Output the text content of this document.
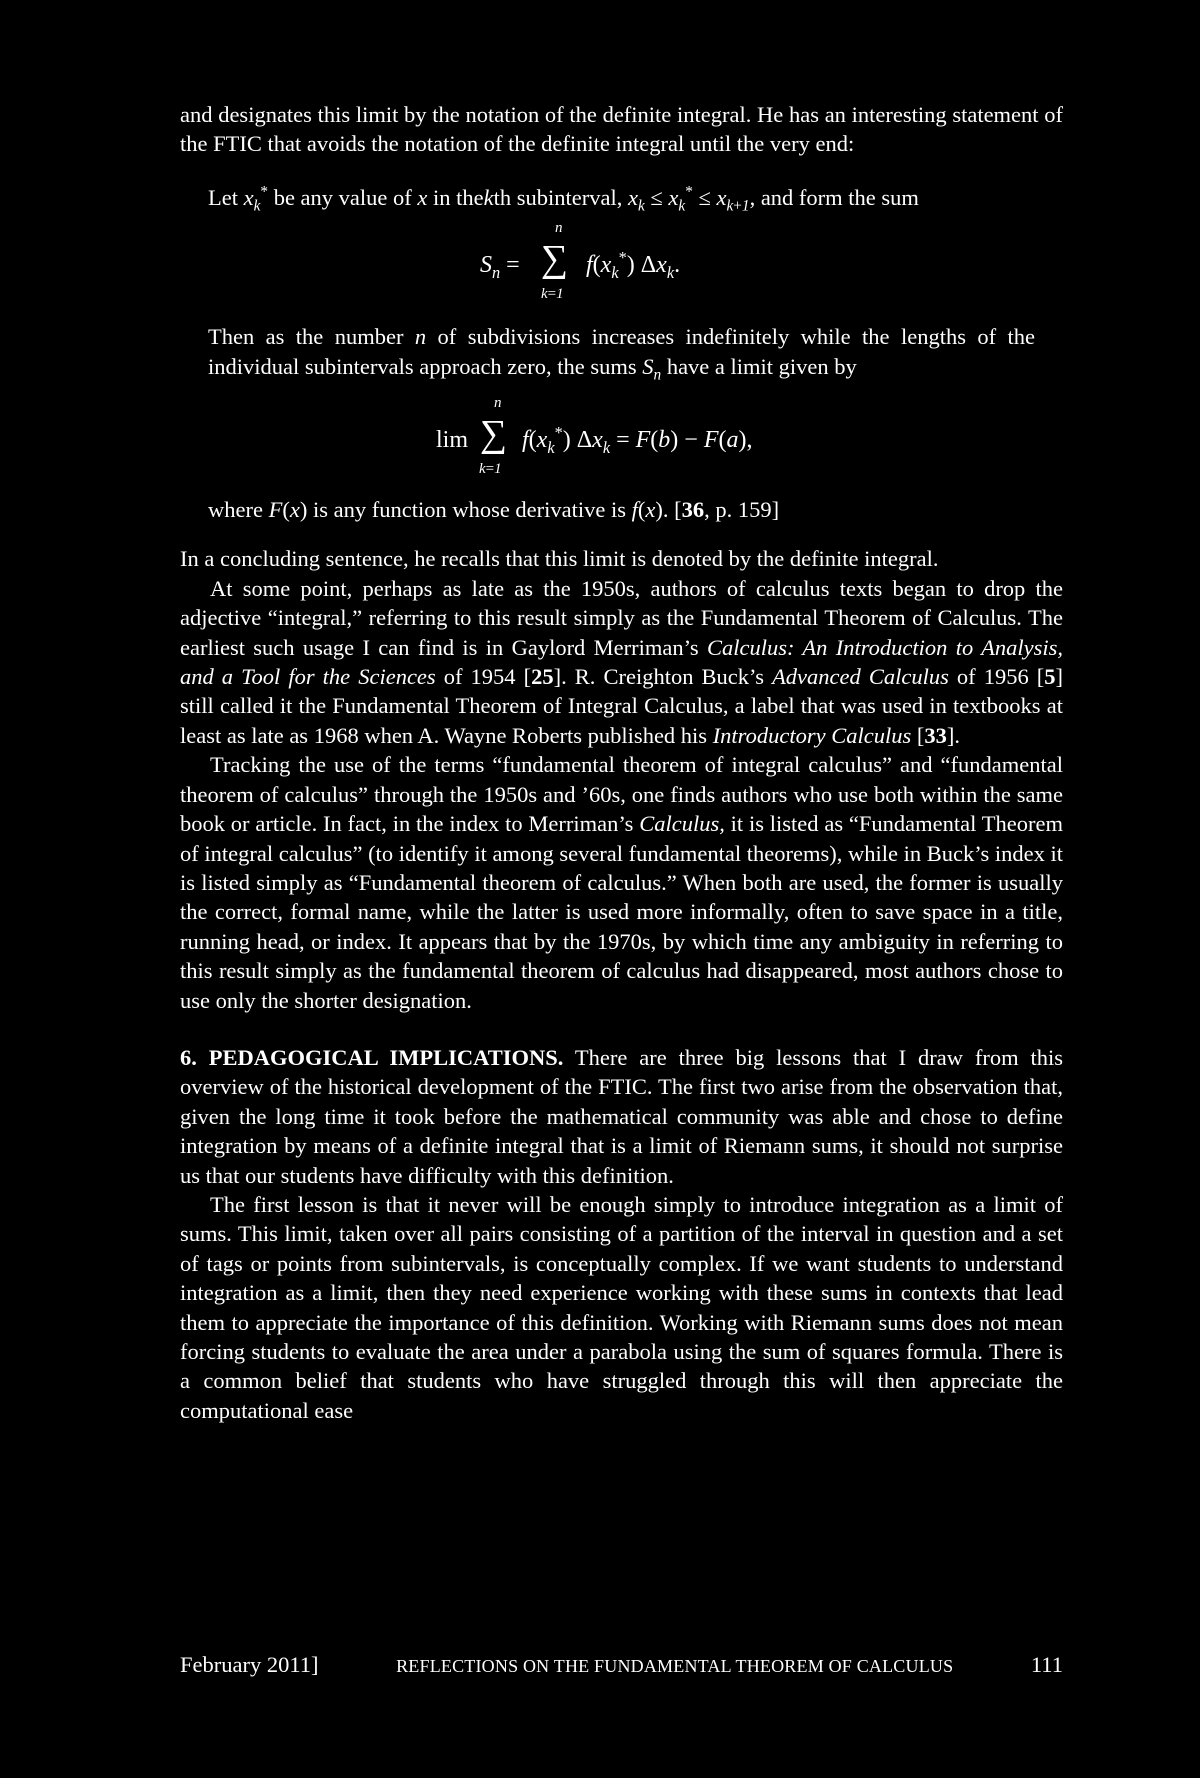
and designates this limit by the notation of the definite integral. He has an interesting statement of the FTIC that avoids the notation of the definite integral until the very end:

Let $x_k^*$ be any value of x in thekth subinterval, $x_k \le x_k^* \le x_{k+1}$, and form the sum

$S_n$ =
n
∑
k=1
$f(x_k^*)$ $\Delta x_k$.

Then as the number n of subdivisions increases indefinitely while the lengths of the individual subintervals approach zero, the sums $S_n$ have a limit given by

lim
n
∑
k=1
$f(x_k^*) \Delta x_k = F(b) - F(a)$,

where F(x) is any function whose derivative is f(x). [36, p. 159]

In a concluding sentence, he recalls that this limit is denoted by the definite integral.

At some point, perhaps as late as the 1950s, authors of calculus texts began to drop the adjective “integral,” referring to this result simply as the Fundamental Theorem of Calculus. The earliest such usage I can find is in Gaylord Merriman’s Calculus: An Introduction to Analysis, and a Tool for the Sciences of 1954 [25]. R. Creighton Buck’s Advanced Calculus of 1956 [5] still called it the Fundamental Theorem of Integral Calculus, a label that was used in textbooks at least as late as 1968 when A. Wayne Roberts published his Introductory Calculus [33].

Tracking the use of the terms “fundamental theorem of integral calculus” and “fundamental theorem of calculus” through the 1950s and ’60s, one finds authors who use both within the same book or article. In fact, in the index to Merriman’s Calculus, it is listed as “Fundamental Theorem of integral calculus” (to identify it among several fundamental theorems), while in Buck’s index it is listed simply as “Fundamental theorem of calculus.” When both are used, the former is usually the correct, formal name, while the latter is used more informally, often to save space in a title, running head, or index. It appears that by the 1970s, by which time any ambiguity in referring to this result simply as the fundamental theorem of calculus had disappeared, most authors chose to use only the shorter designation.

6. PEDAGOGICAL IMPLICATIONS. There are three big lessons that I draw from this overview of the historical development of the FTIC. The first two arise from the observation that, given the long time it took before the mathematical community was able and chose to define integration by means of a definite integral that is a limit of Riemann sums, it should not surprise us that our students have difficulty with this definition.

The first lesson is that it never will be enough simply to introduce integration as a limit of sums. This limit, taken over all pairs consisting of a partition of the interval in question and a set of tags or points from subintervals, is conceptually complex. If we want students to understand integration as a limit, then they need experience working with these sums in contexts that lead them to appreciate the importance of this definition. Working with Riemann sums does not mean forcing students to evaluate the area under a parabola using the sum of squares formula. There is a common belief that students who have struggled through this will then appreciate the computational ease

February 2011]	REFLECTIONS ON THE FUNDAMENTAL THEOREM OF CALCULUS	111
